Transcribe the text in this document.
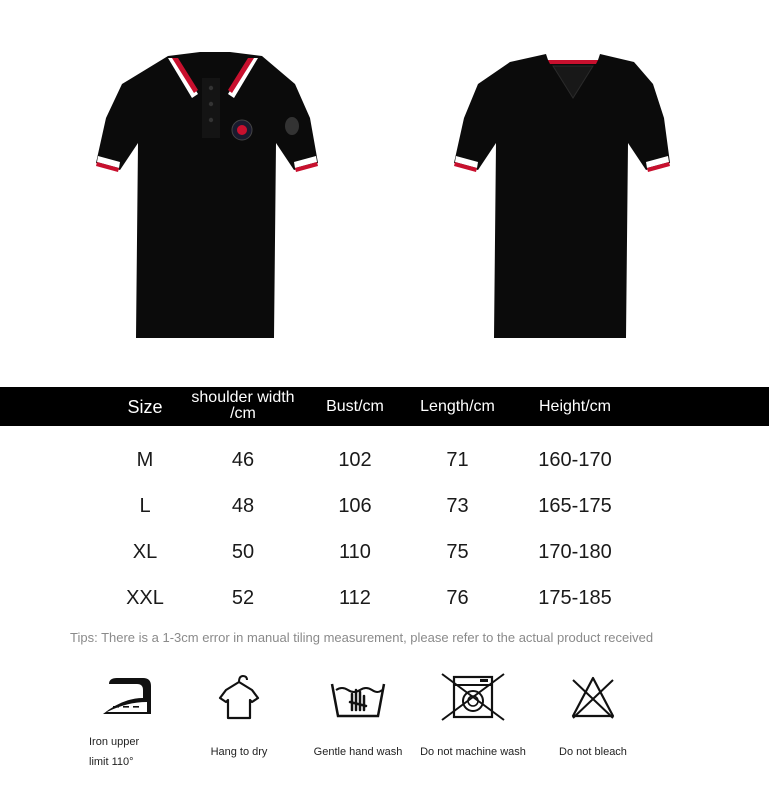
Size	shoulder width /cm	Bust/cm	Length/cm	Height/cm
M	46	102	71	160-170
L	48	106	73	165-175
XL	50	110	75	170-180
XXL	52	112	76	175-185
Tips: There is a 1-3cm error in manual tiling measurement, please refer to the actual product received
Iron upper limit 110°
Hang to dry	Gentle hand wash	Do not machine wash	Do not bleach
